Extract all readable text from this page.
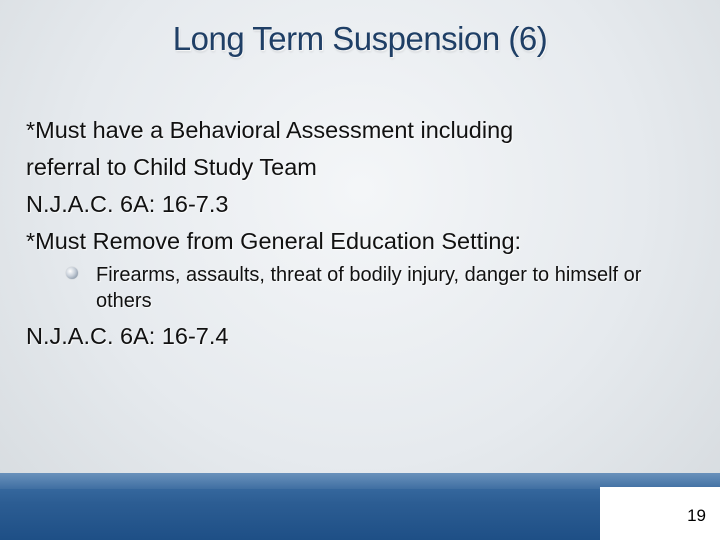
Long Term Suspension (6)
*Must have a Behavioral Assessment including
referral to Child Study Team
N.J.A.C. 6A: 16-7.3
*Must Remove from General Education Setting:
Firearms, assaults, threat of bodily injury, danger to himself or others
N.J.A.C. 6A: 16-7.4
19
